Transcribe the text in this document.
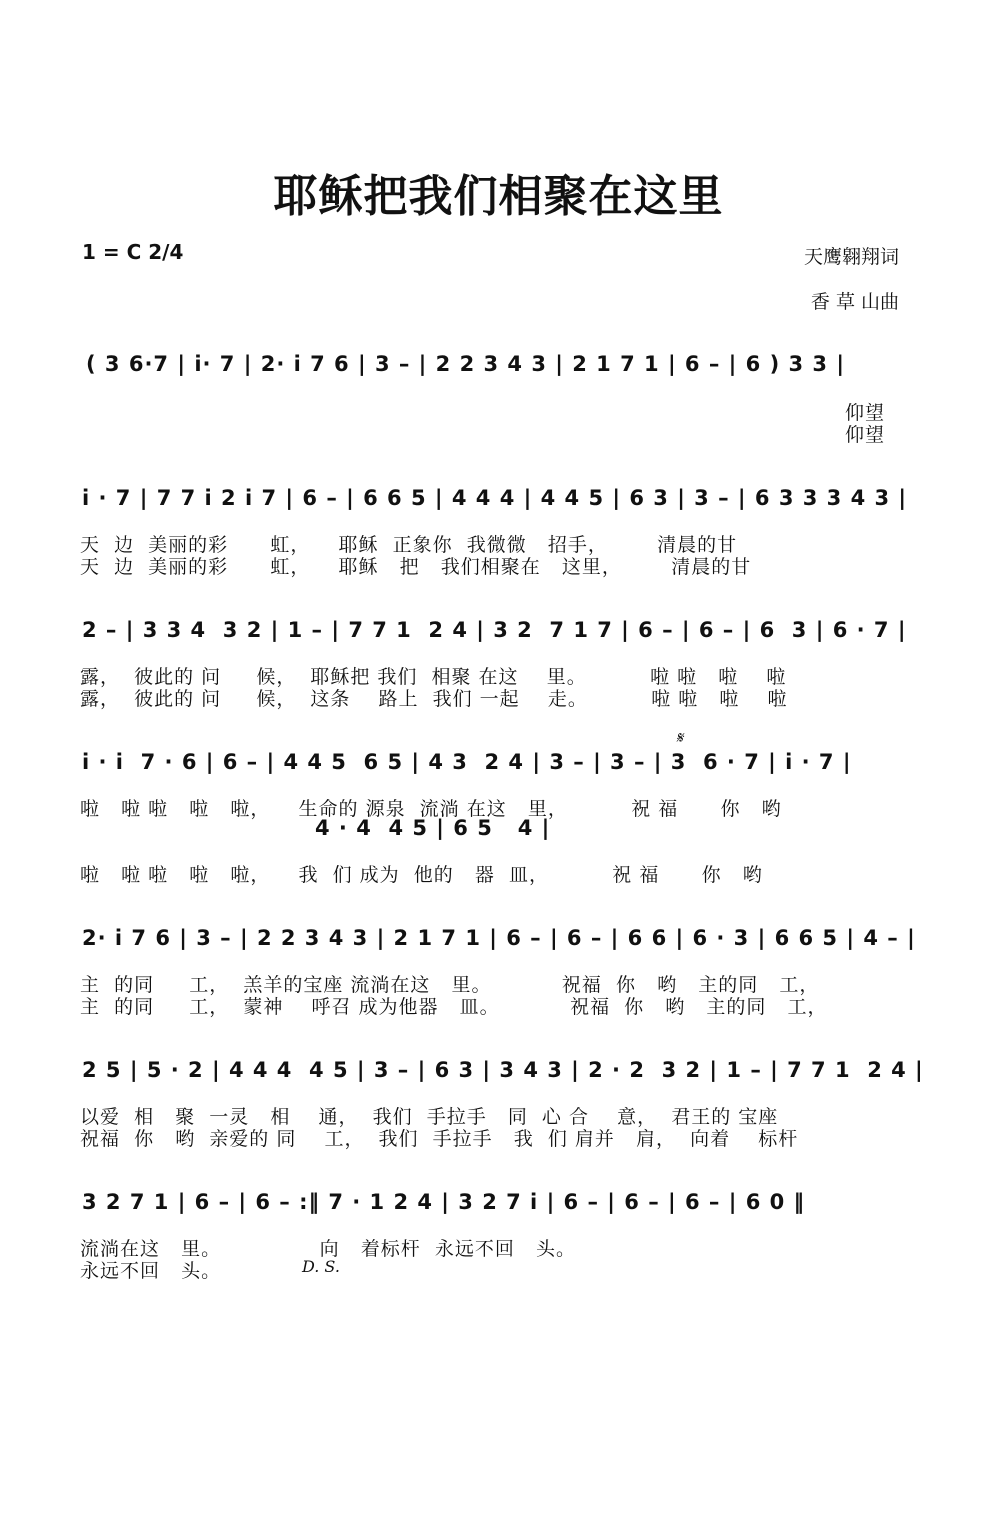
耶稣把我们相聚在这里
1 = C 2/4	天鹰翱翔词
香 草 山曲
( 3 6·7 | i· 7 | 2· i 7 6 | 3 – | 2 2 3 4 3 | 2 1 7 1 | 6 – | 6 ) 3 3 |
仰望
仰望
i · 7 | 7 7 i 2 i 7 | 6 – | 6 6 5 | 4 4 4 | 4 4 5 | 6 3 | 3 – | 6 3 3 3 4 3 |
天  边  美丽的彩      虹，    耶稣  正象你  我微微   招手，       清晨的甘
天  边  美丽的彩      虹，    耶稣   把   我们相聚在   这里，       清晨的甘
2 – | 3 3 4  3 2 | 1 – | 7 7 1  2 4 | 3 2  7 1 7 | 6 – | 6 – | 6  3 | 6 · 7 |
露，  彼此的 问     候，  耶稣把 我们  相聚 在这    里。         啦 啦   啦    啦
露，  彼此的 问     候，  这条    路上  我们 一起    走。         啦 啦   啦    啦
𝄋
i · i  7 · 6 | 6 – | 4 4 5  6 5 | 4 3  2 4 | 3 – | 3 – | 3  6 · 7 | i · 7 |
啦   啦 啦   啦   啦，    生命的 源泉  流淌 在这   里，         祝 福      你   哟
4 · 4  4 5 | 6 5   4 |
啦   啦 啦   啦   啦，    我  们 成为  他的   器  皿，         祝 福      你   哟
2· i 7 6 | 3 – | 2 2 3 4 3 | 2 1 7 1 | 6 – | 6 – | 6 6 | 6 · 3 | 6 6 5 | 4 – |
主  的同     工，  羔羊的宝座 流淌在这   里。          祝福  你   哟   主的同   工，
主  的同     工，  蒙神    呼召 成为他器   皿。          祝福  你   哟   主的同   工，
2 5 | 5 · 2 | 4 4 4  4 5 | 3 – | 6 3 | 3 4 3 | 2 · 2  3 2 | 1 – | 7 7 1  2 4 |
以爱  相   聚  一灵   相    通，  我们  手拉手   同  心 合    意，  君王的 宝座
祝福  你   哟  亲爱的 同    工，  我们  手拉手   我  们 肩并   肩，  向着    标杆
3 2 7 1 | 6 – | 6 – :‖ 7 · 1 2 4 | 3 2 7 i | 6 – | 6 – | 6 – | 6 0 ‖
流淌在这   里。              向   着标杆  永远不回   头。
永远不回   头。	D. S.
